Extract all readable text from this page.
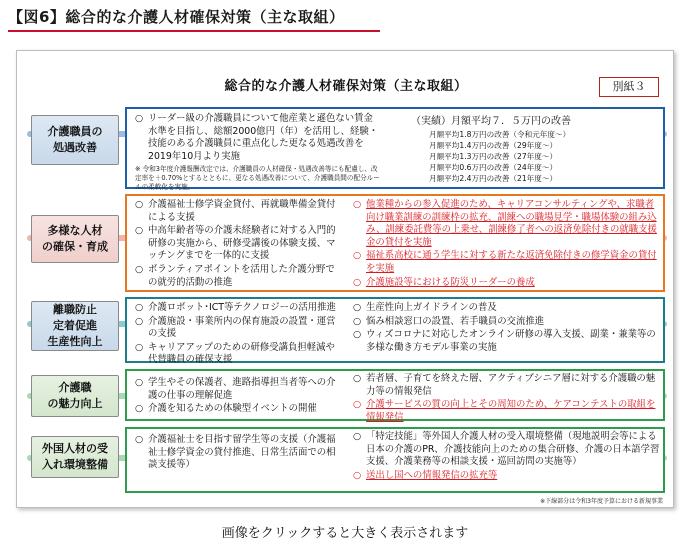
【図6】総合的な介護人材確保対策（主な取組）
総合的な介護人材確保対策（主な取組）	別紙３
介護職員の
処遇改善
○ リーダー級の介護職員について他産業と遜色ない賃金水準を目指し、総額2000億円（年）を活用し、経験・技能のある介護職員に重点化した更なる処遇改善を2019年10月より実施
※ 令和3年度介護報酬改定では、介護職員の人材確保・処遇改善等にも配慮し、改定率を＋0.70%とするとともに、更なる処遇改善について、介護職員間の配分ルールの柔軟化を実施。
（実績）月額平均７．５万円の改善
月額平均1.8万円の改善（令和元年度～）
月額平均1.4万円の改善（29年度～）
月額平均1.3万円の改善（27年度～）
月額平均0.6万円の改善（24年度～）
月額平均2.4万円の改善（21年度～）
多様な人材
の確保・育成
○ 介護福祉士修学資金貸付、再就職準備金貸付による支援
○ 中高年齢者等の介護未経験者に対する入門的研修の実施から、研修受講後の体験支援、マッチングまでを一体的に支援
○ ボランティアポイントを活用した介護分野での就労的活動の推進
○ 他業種からの参入促進のため、キャリアコンサルティングや、求職者向け職業訓練の訓練枠の拡充、訓練への職場見学・職場体験の組み込み、訓練委託費等の上乗せ、訓練修了者への返済免除付きの就職支援金の貸付を実施
○ 福祉系高校に通う学生に対する新たな返済免除付きの修学資金の貸付を実施
○ 介護施設等における防災リーダーの養成
離職防止
定着促進
生産性向上
○ 介護ロボット･ICT等テクノロジーの活用推進
○ 介護施設・事業所内の保育施設の設置・運営の支援
○ キャリアアップのための研修受講負担軽減や代替職員の確保支援
○ 生産性向上ガイドラインの普及
○ 悩み相談窓口の設置、若手職員の交流推進
○ ウィズコロナに対応したオンライン研修の導入支援、副業・兼業等の多様な働き方モデル事業の実施
介護職
の魅力向上
○ 学生やその保護者、進路指導担当者等への介護の仕事の理解促進
○ 介護を知るための体験型イベントの開催
○ 若者層、子育てを終えた層、アクティブシニア層に対する介護職の魅力等の情報発信
○ 介護サービスの質の向上とその周知のため、ケアコンテストの取組を情報発信
外国人材の受
入れ環境整備
○ 介護福祉士を目指す留学生等の支援（介護福祉士修学資金の貸付推進、日常生活面での相談支援等）
○ 「特定技能」等外国人介護人材の受入環境整備（現地説明会等による日本の介護のPR、介護技能向上のための集合研修、介護の日本語学習支援、介護業務等の相談支援・巡回訪問の実施等）
○ 送出し国への情報発信の拡充等
※下線部分は令和3年度予算における新規事業
画像をクリックすると大きく表示されます
